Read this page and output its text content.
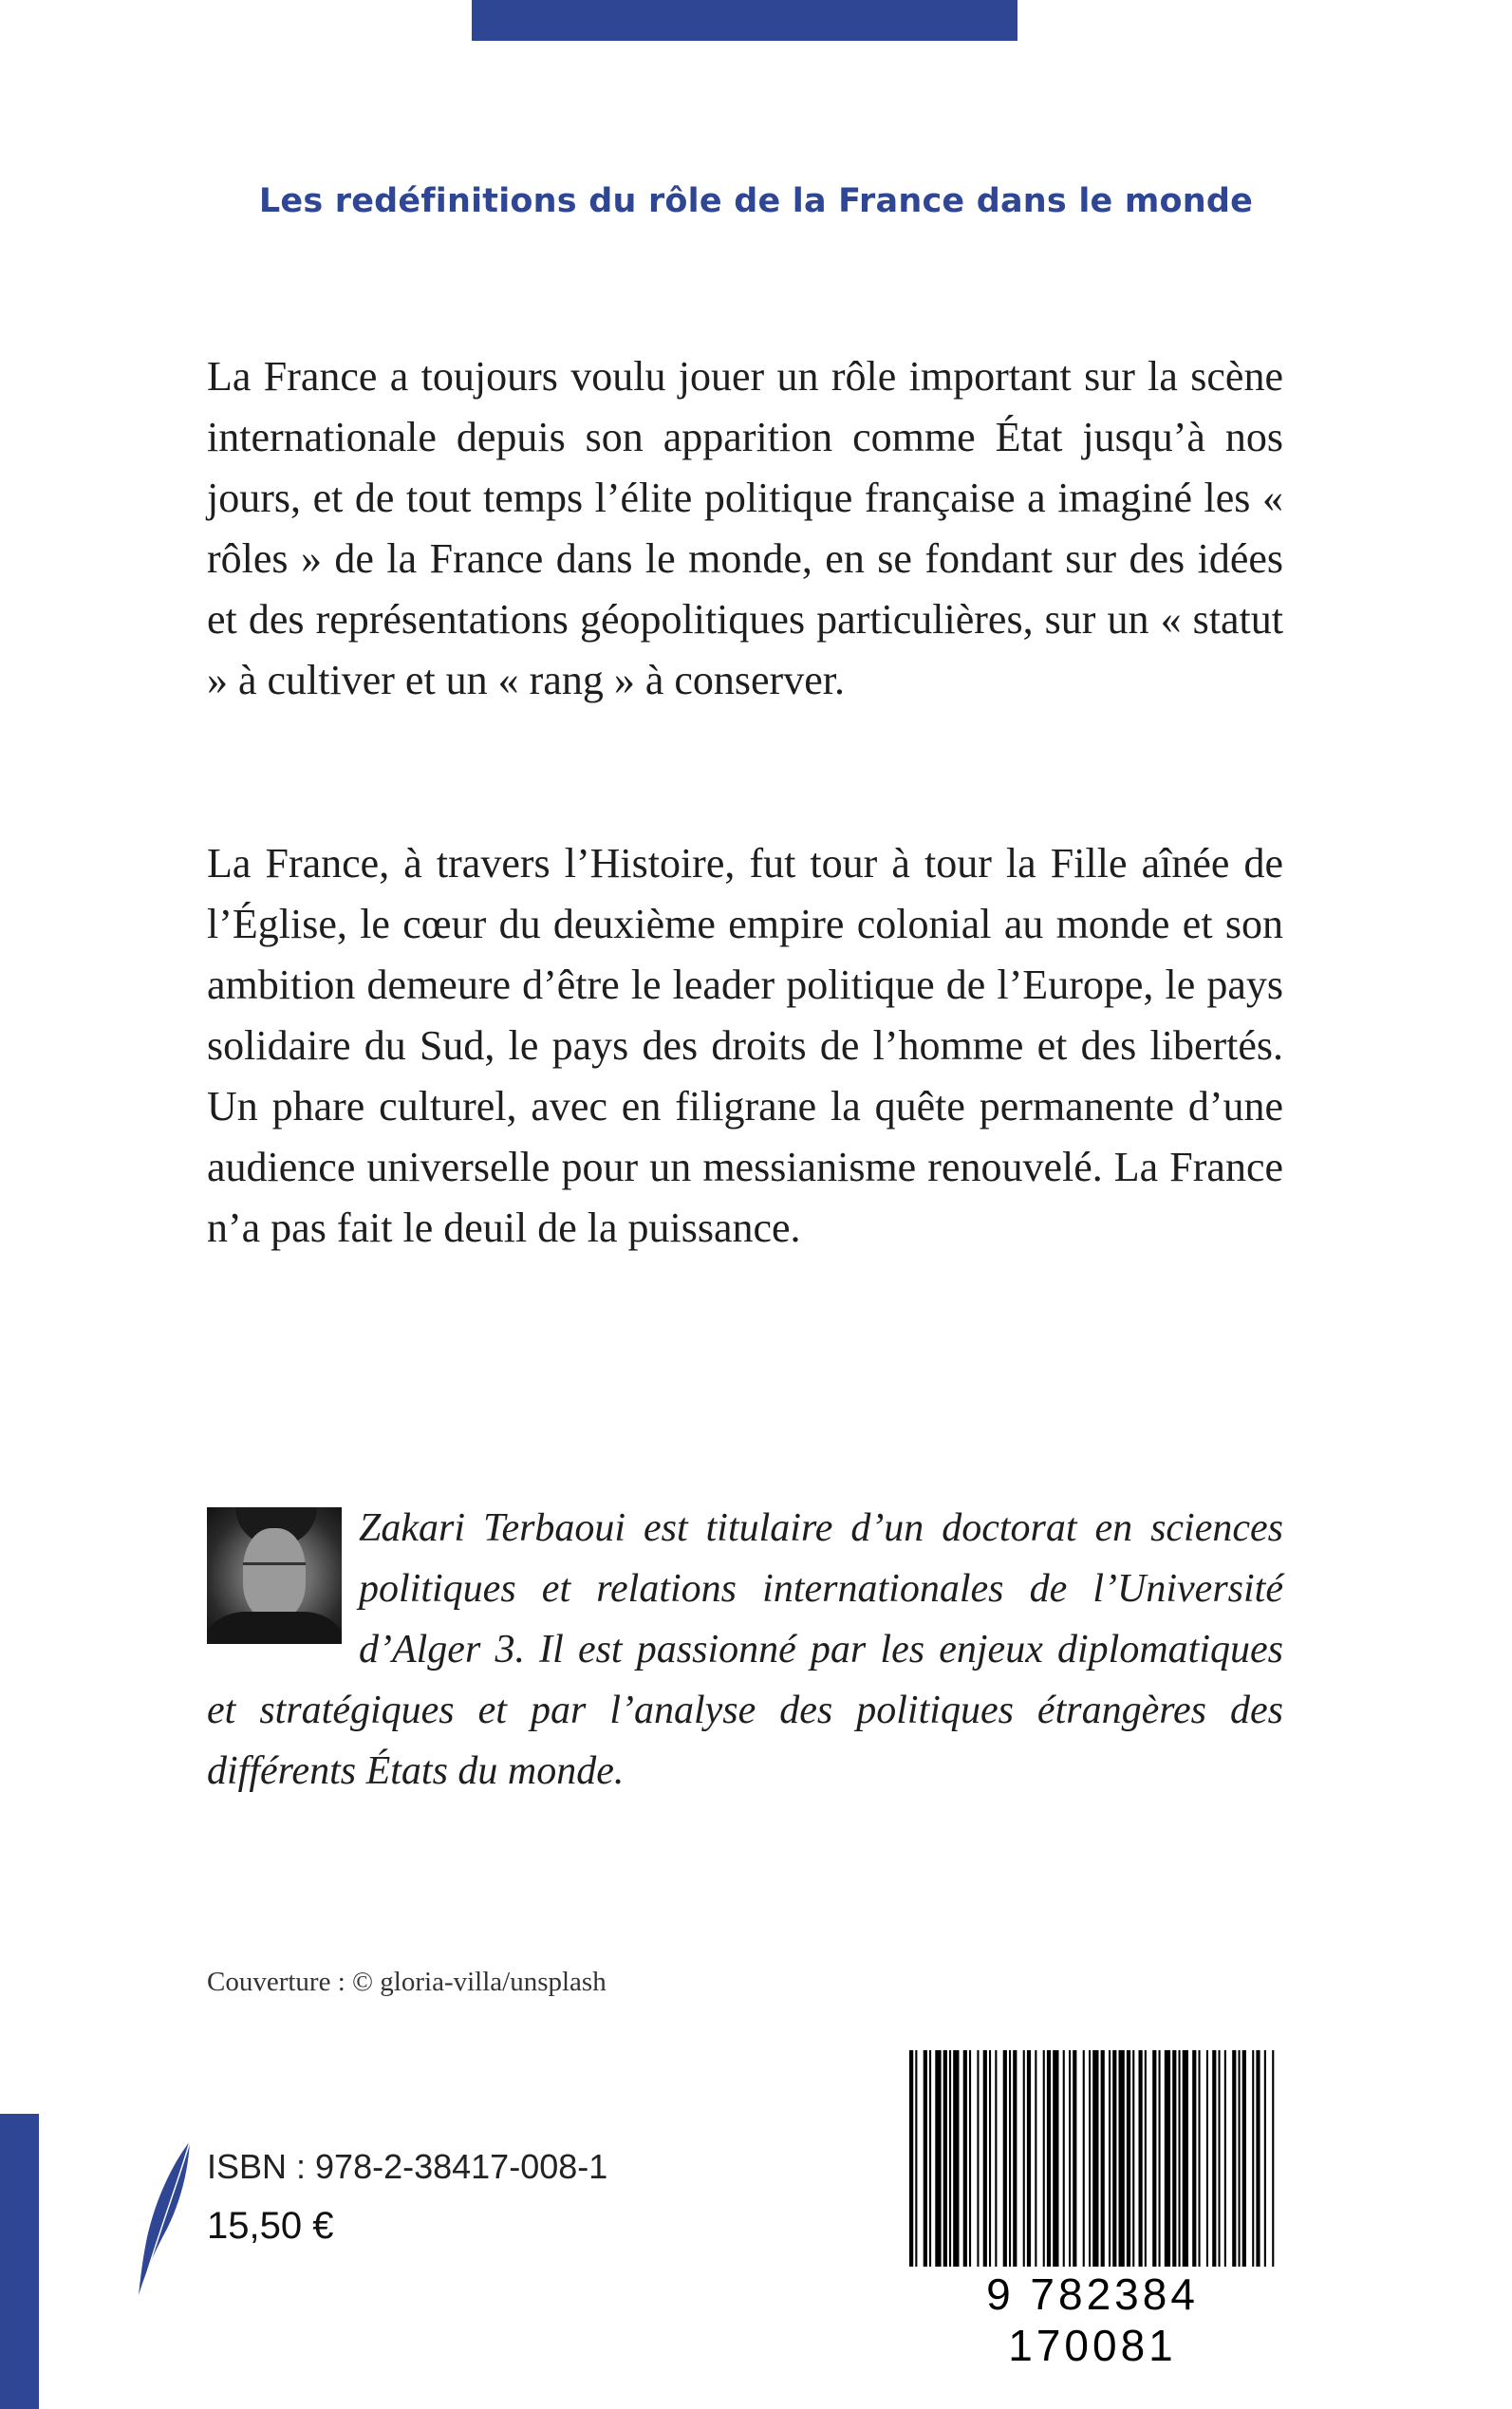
Les redéfinitions du rôle de la France dans le monde
La France a toujours voulu jouer un rôle important sur la scène internationale depuis son apparition comme État jusqu’à nos jours, et de tout temps l’élite politique française a imaginé les « rôles » de la France dans le monde, en se fondant sur des idées et des représentations géopolitiques particulières, sur un « statut » à cultiver et un « rang » à conserver.
La France, à travers l’Histoire, fut tour à tour la Fille aînée de l’Église, le cœur du deuxième empire colonial au monde et son ambition demeure d’être le leader politique de l’Europe, le pays solidaire du Sud, le pays des droits de l’homme et des libertés. Un phare culturel, avec en filigrane la quête permanente d’une audience universelle pour un messianisme renouvelé. La France n’a pas fait le deuil de la puissance.
Zakari Terbaoui est titulaire d’un doctorat en sciences politiques et relations internationales de l’Université d’Alger 3. Il est passionné par les enjeux diplomatiques et stratégiques et par l’analyse des politiques étrangères des différents États du monde.
Couverture : © gloria-villa/unsplash
ISBN : 978-2-38417-008-1
15,50 €
9 782384 170081
